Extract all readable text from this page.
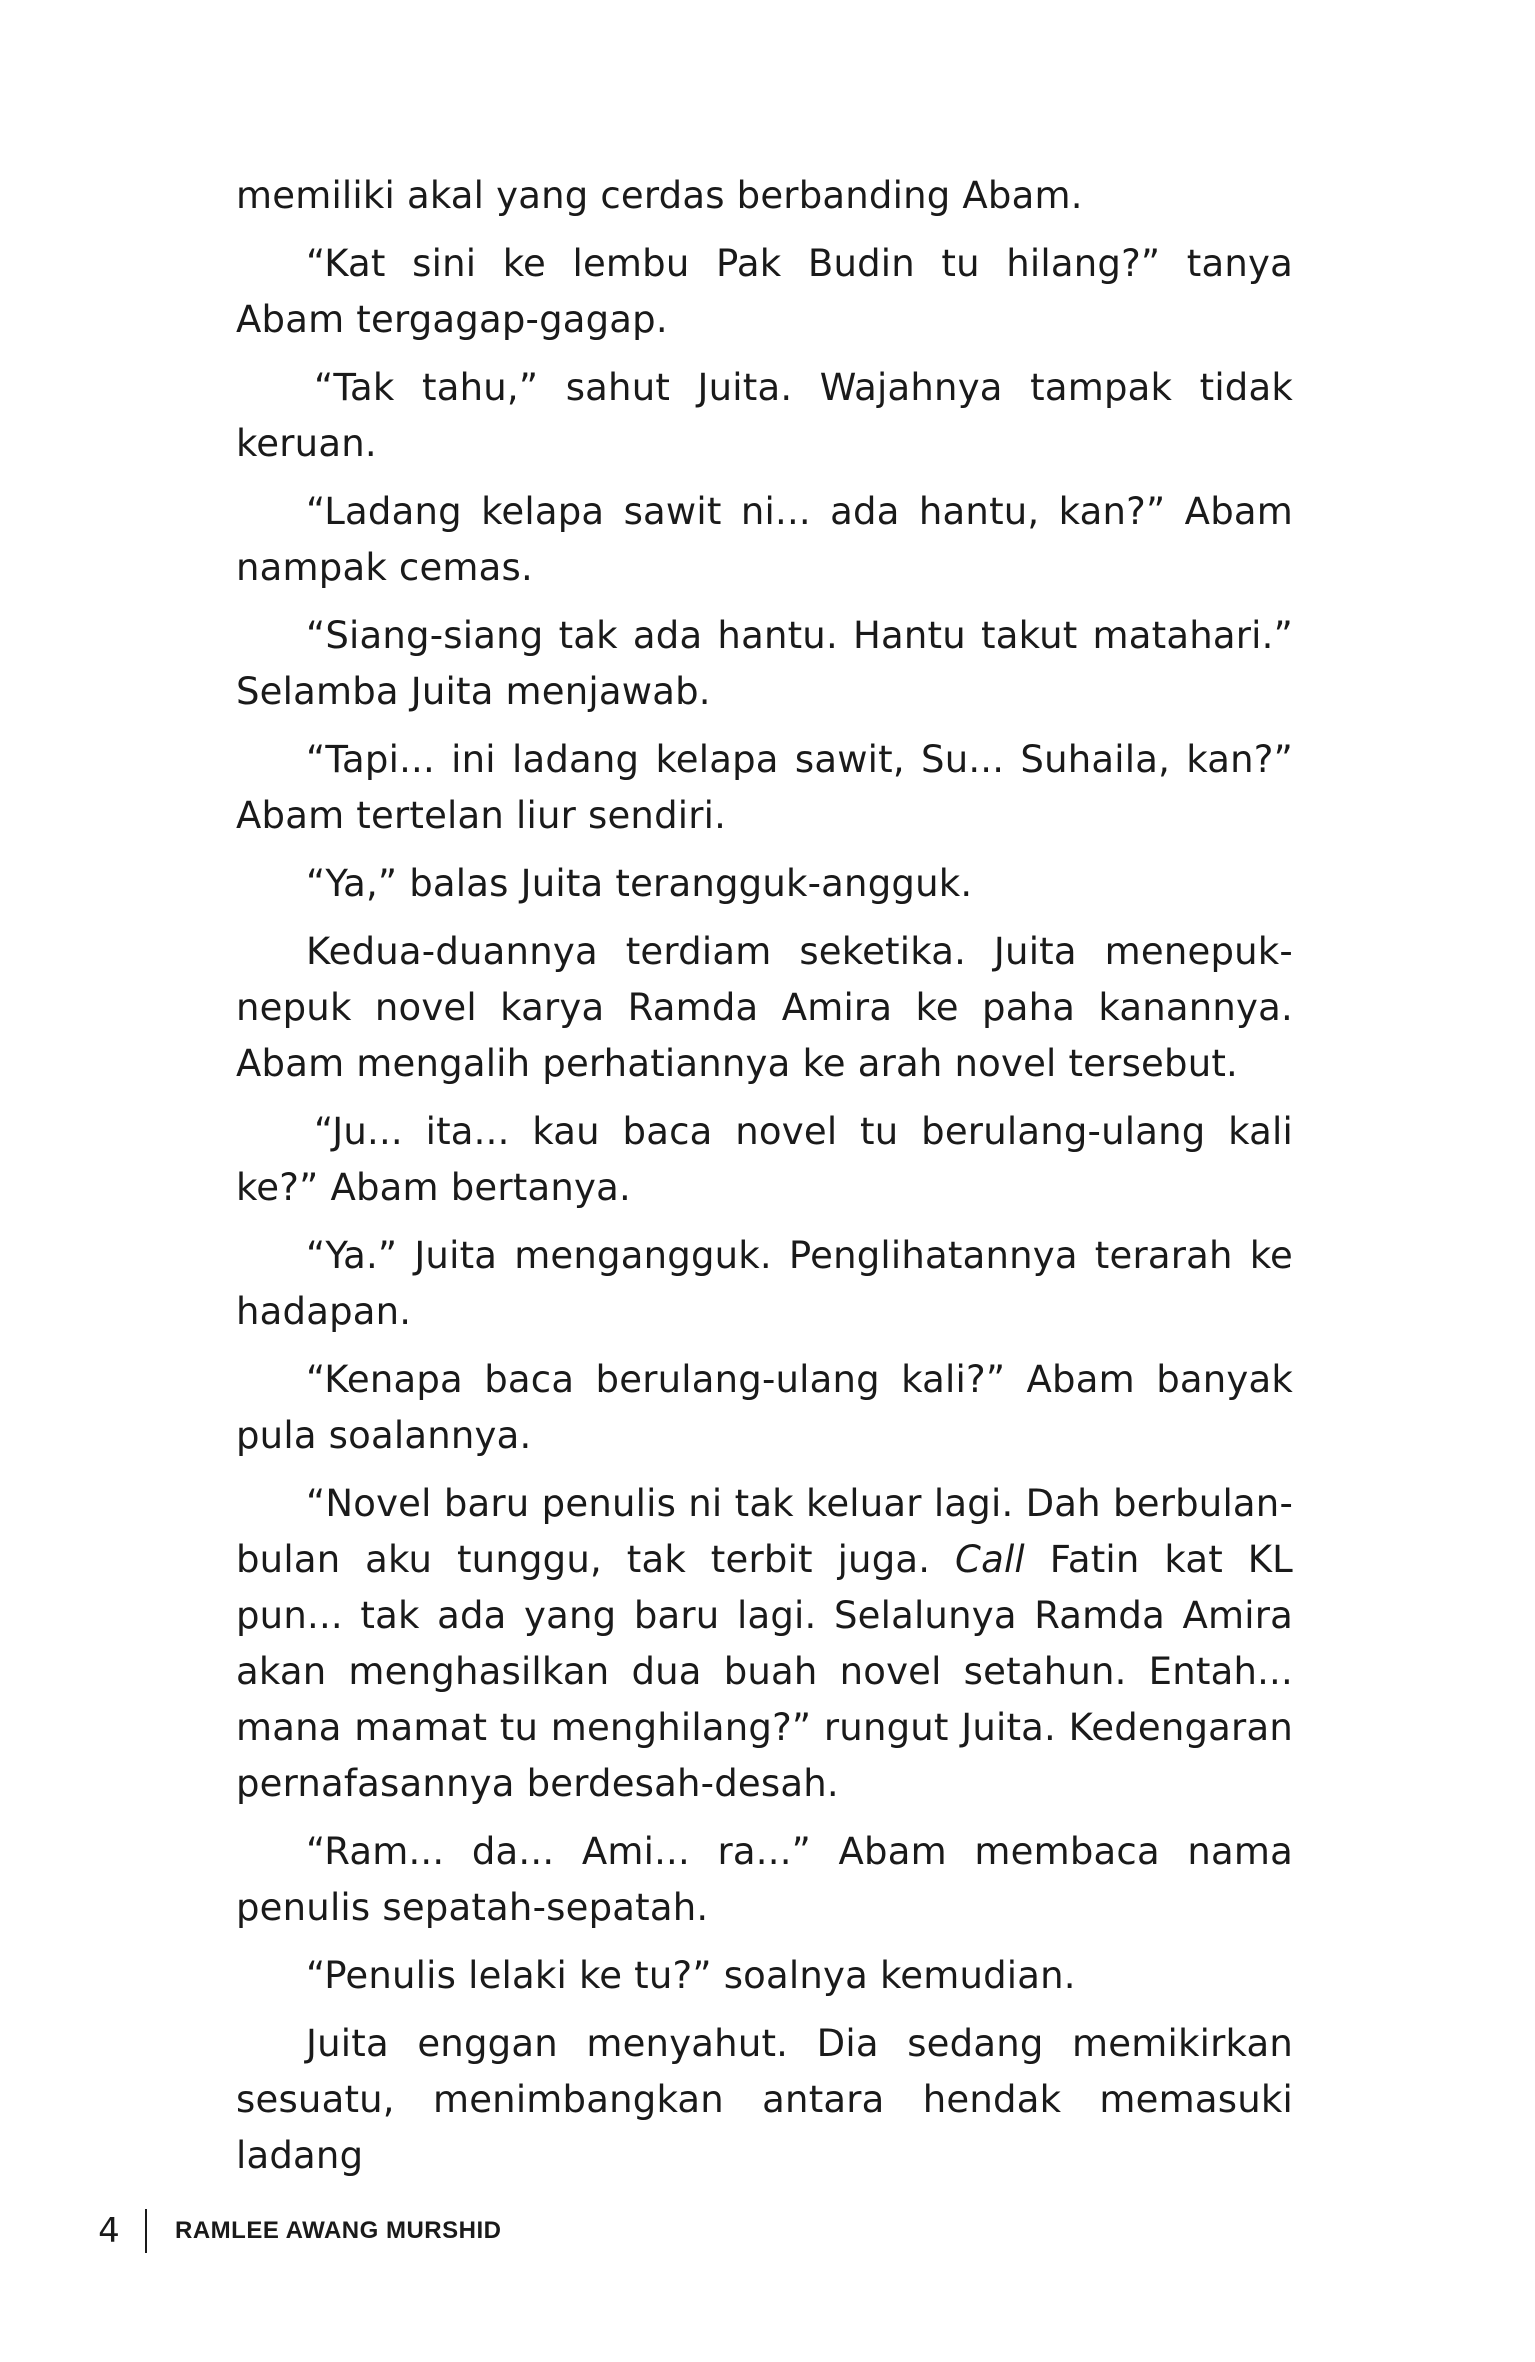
memiliki akal yang cerdas berbanding Abam.

“Kat sini ke lembu Pak Budin tu hilang?” tanya Abam tergagap-gagap.

“Tak tahu,” sahut Juita. Wajahnya tampak tidak keruan.

“Ladang kelapa sawit ni... ada hantu, kan?” Abam nampak cemas.

“Siang-siang tak ada hantu. Hantu takut matahari.” Selamba Juita menjawab.

“Tapi... ini ladang kelapa sawit, Su... Suhaila, kan?” Abam tertelan liur sendiri.

“Ya,” balas Juita terangguk-angguk.

Kedua-duannya terdiam seketika. Juita menepuk-nepuk novel karya Ramda Amira ke paha kanannya. Abam mengalih perhatiannya ke arah novel tersebut.

“Ju... ita... kau baca novel tu berulang-ulang kali ke?” Abam bertanya.

“Ya.” Juita mengangguk. Penglihatannya terarah ke hadapan.

“Kenapa baca berulang-ulang kali?” Abam banyak pula soalannya.

“Novel baru penulis ni tak keluar lagi. Dah berbulan-bulan aku tunggu, tak terbit juga. Call Fatin kat KL pun... tak ada yang baru lagi. Selalunya Ramda Amira akan menghasilkan dua buah novel setahun. Entah... mana mamat tu menghilang?” rungut Juita. Kedengaran pernafasannya berdesah-desah.

“Ram... da... Ami... ra...” Abam membaca nama penulis sepatah-sepatah.

“Penulis lelaki ke tu?” soalnya kemudian.

Juita enggan menyahut. Dia sedang memikirkan sesuatu, menimbangkan antara hendak memasuki ladang

4 RAMLEE AWANG MURSHID
